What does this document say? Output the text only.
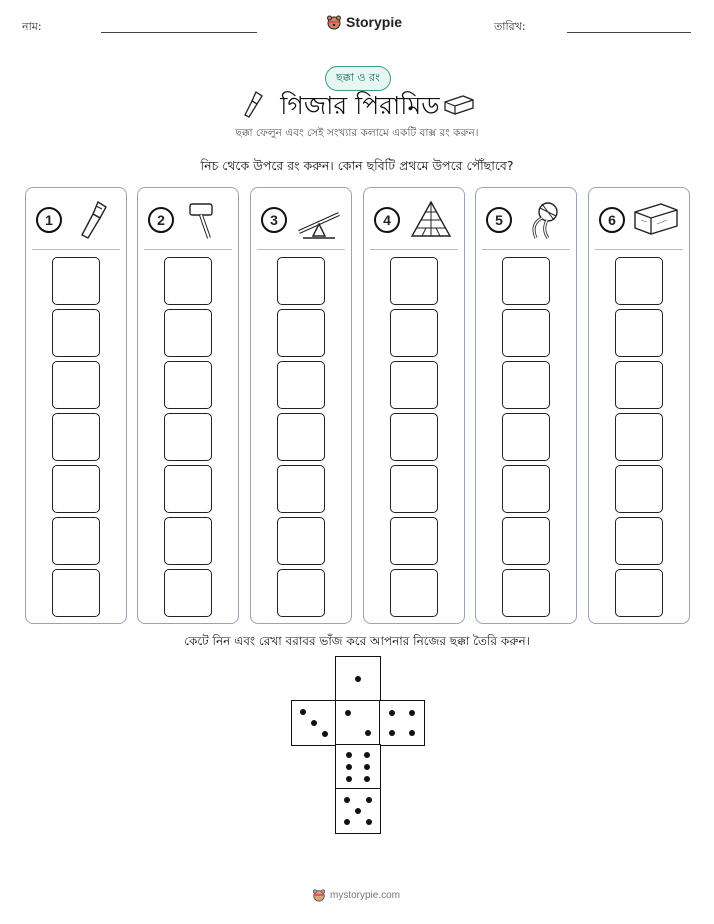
নাম:	Storypie	তারিখ:
ছক্কা ও রং
গিজার পিরামিড
ছক্কা ফেলুন এবং সেই সংখ্যার কলামে একটি বাক্স রং করুন।
নিচ থেকে উপরে রং করুন। কোন ছবিটি প্রথমে উপরে পৌঁছাবে?
1	2	3	4	5	6
কেটে নিন এবং রেখা বরাবর ভাঁজ করে আপনার নিজের ছক্কা তৈরি করুন।
mystorypie.com
